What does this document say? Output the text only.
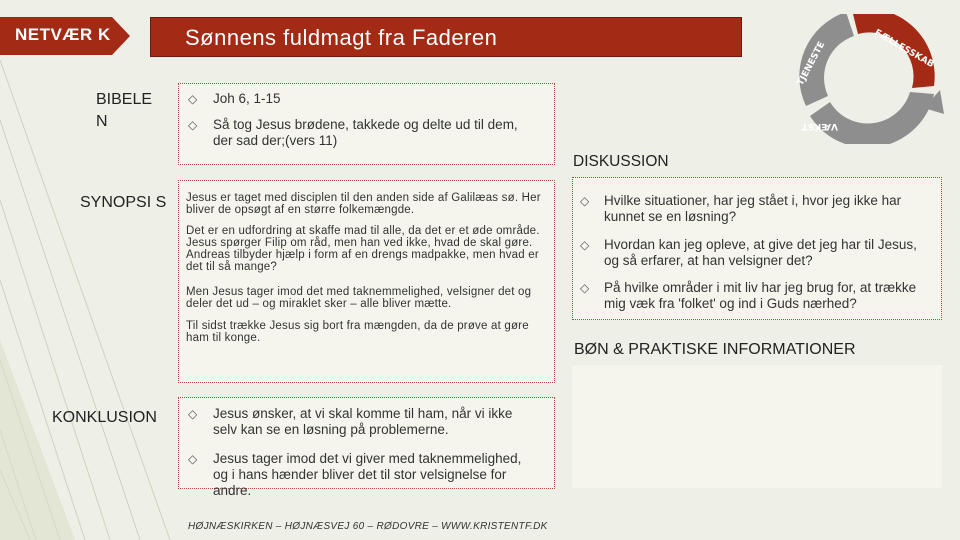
NETVÆR K	Sønnens fuldmagt fra Faderen
TJENESTE	FÆLLESSKAB
VÆKST
BIBELE N
◇ Joh 6, 1-15
◇ Så tog Jesus brødene, takkede og delte ud til dem, der sad der;(vers 11)
SYNOPSI S	Jesus er taget med disciplen til den anden side af Galilæas sø. Her bliver de opsøgt af en større folkemængde.
Det er en udfordring at skaffe mad til alle, da det er et øde område. Jesus spørger Filip om råd, men han ved ikke, hvad de skal gøre. Andreas tilbyder hjælp i form af en drengs madpakke, men hvad er det til så mange?
Men Jesus tager imod det med taknemmelighed, velsigner det og deler det ud – og miraklet sker – alle bliver mætte.
Til sidst trække Jesus sig bort fra mængden, da de prøve at gøre ham til konge.
KONKLUSION	◇ Jesus ønsker, at vi skal komme til ham, når vi ikke selv kan se en løsning på problemerne.
◇ Jesus tager imod det vi giver med taknemmelighed, og i hans hænder bliver det til stor velsignelse for andre.
DISKUSSION
◇ Hvilke situationer, har jeg stået i, hvor jeg ikke har kunnet se en løsning?
◇ Hvordan kan jeg opleve, at give det jeg har til Jesus, og så erfarer, at han velsigner det?
◇ På hvilke områder i mit liv har jeg brug for, at trække mig væk fra 'folket' og ind i Guds nærhed?
BØN & PRAKTISKE INFORMATIONER
HØJNÆSKIRKEN – HØJNÆSVEJ 60 – RØDOVRE – WWW.KRISTENTF.DK
